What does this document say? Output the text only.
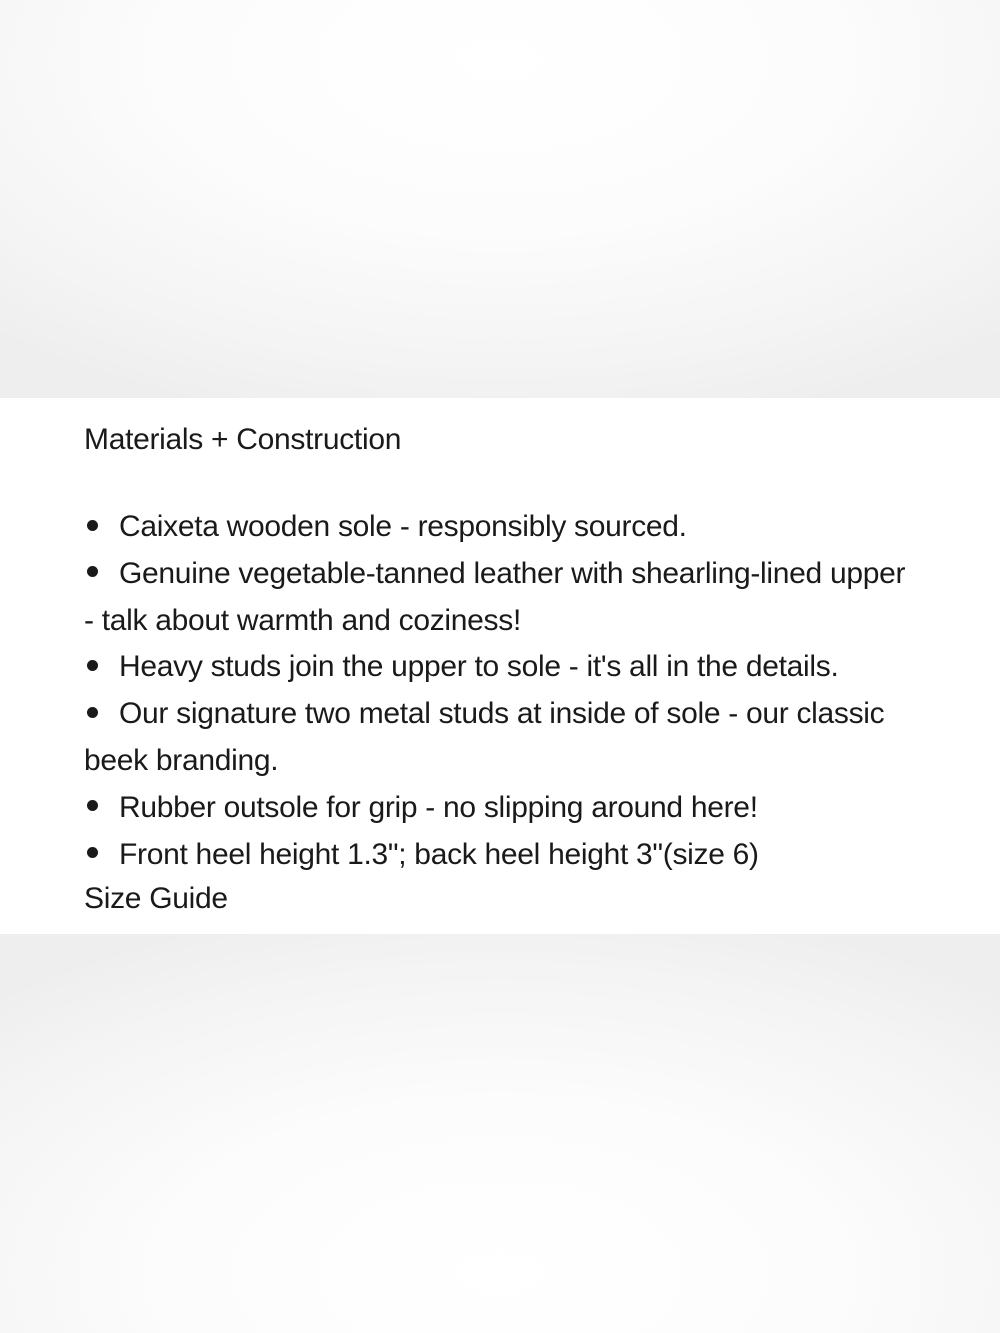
Materials + Construction
Caixeta wooden sole - responsibly sourced.
Genuine vegetable-tanned leather with shearling-lined upper - talk about warmth and coziness!
Heavy studs join the upper to sole - it's all in the details.
Our signature two metal studs at inside of sole - our classic beek branding.
Rubber outsole for grip - no slipping around here!
Front heel height 1.3"; back heel height 3"(size 6)
Size Guide
